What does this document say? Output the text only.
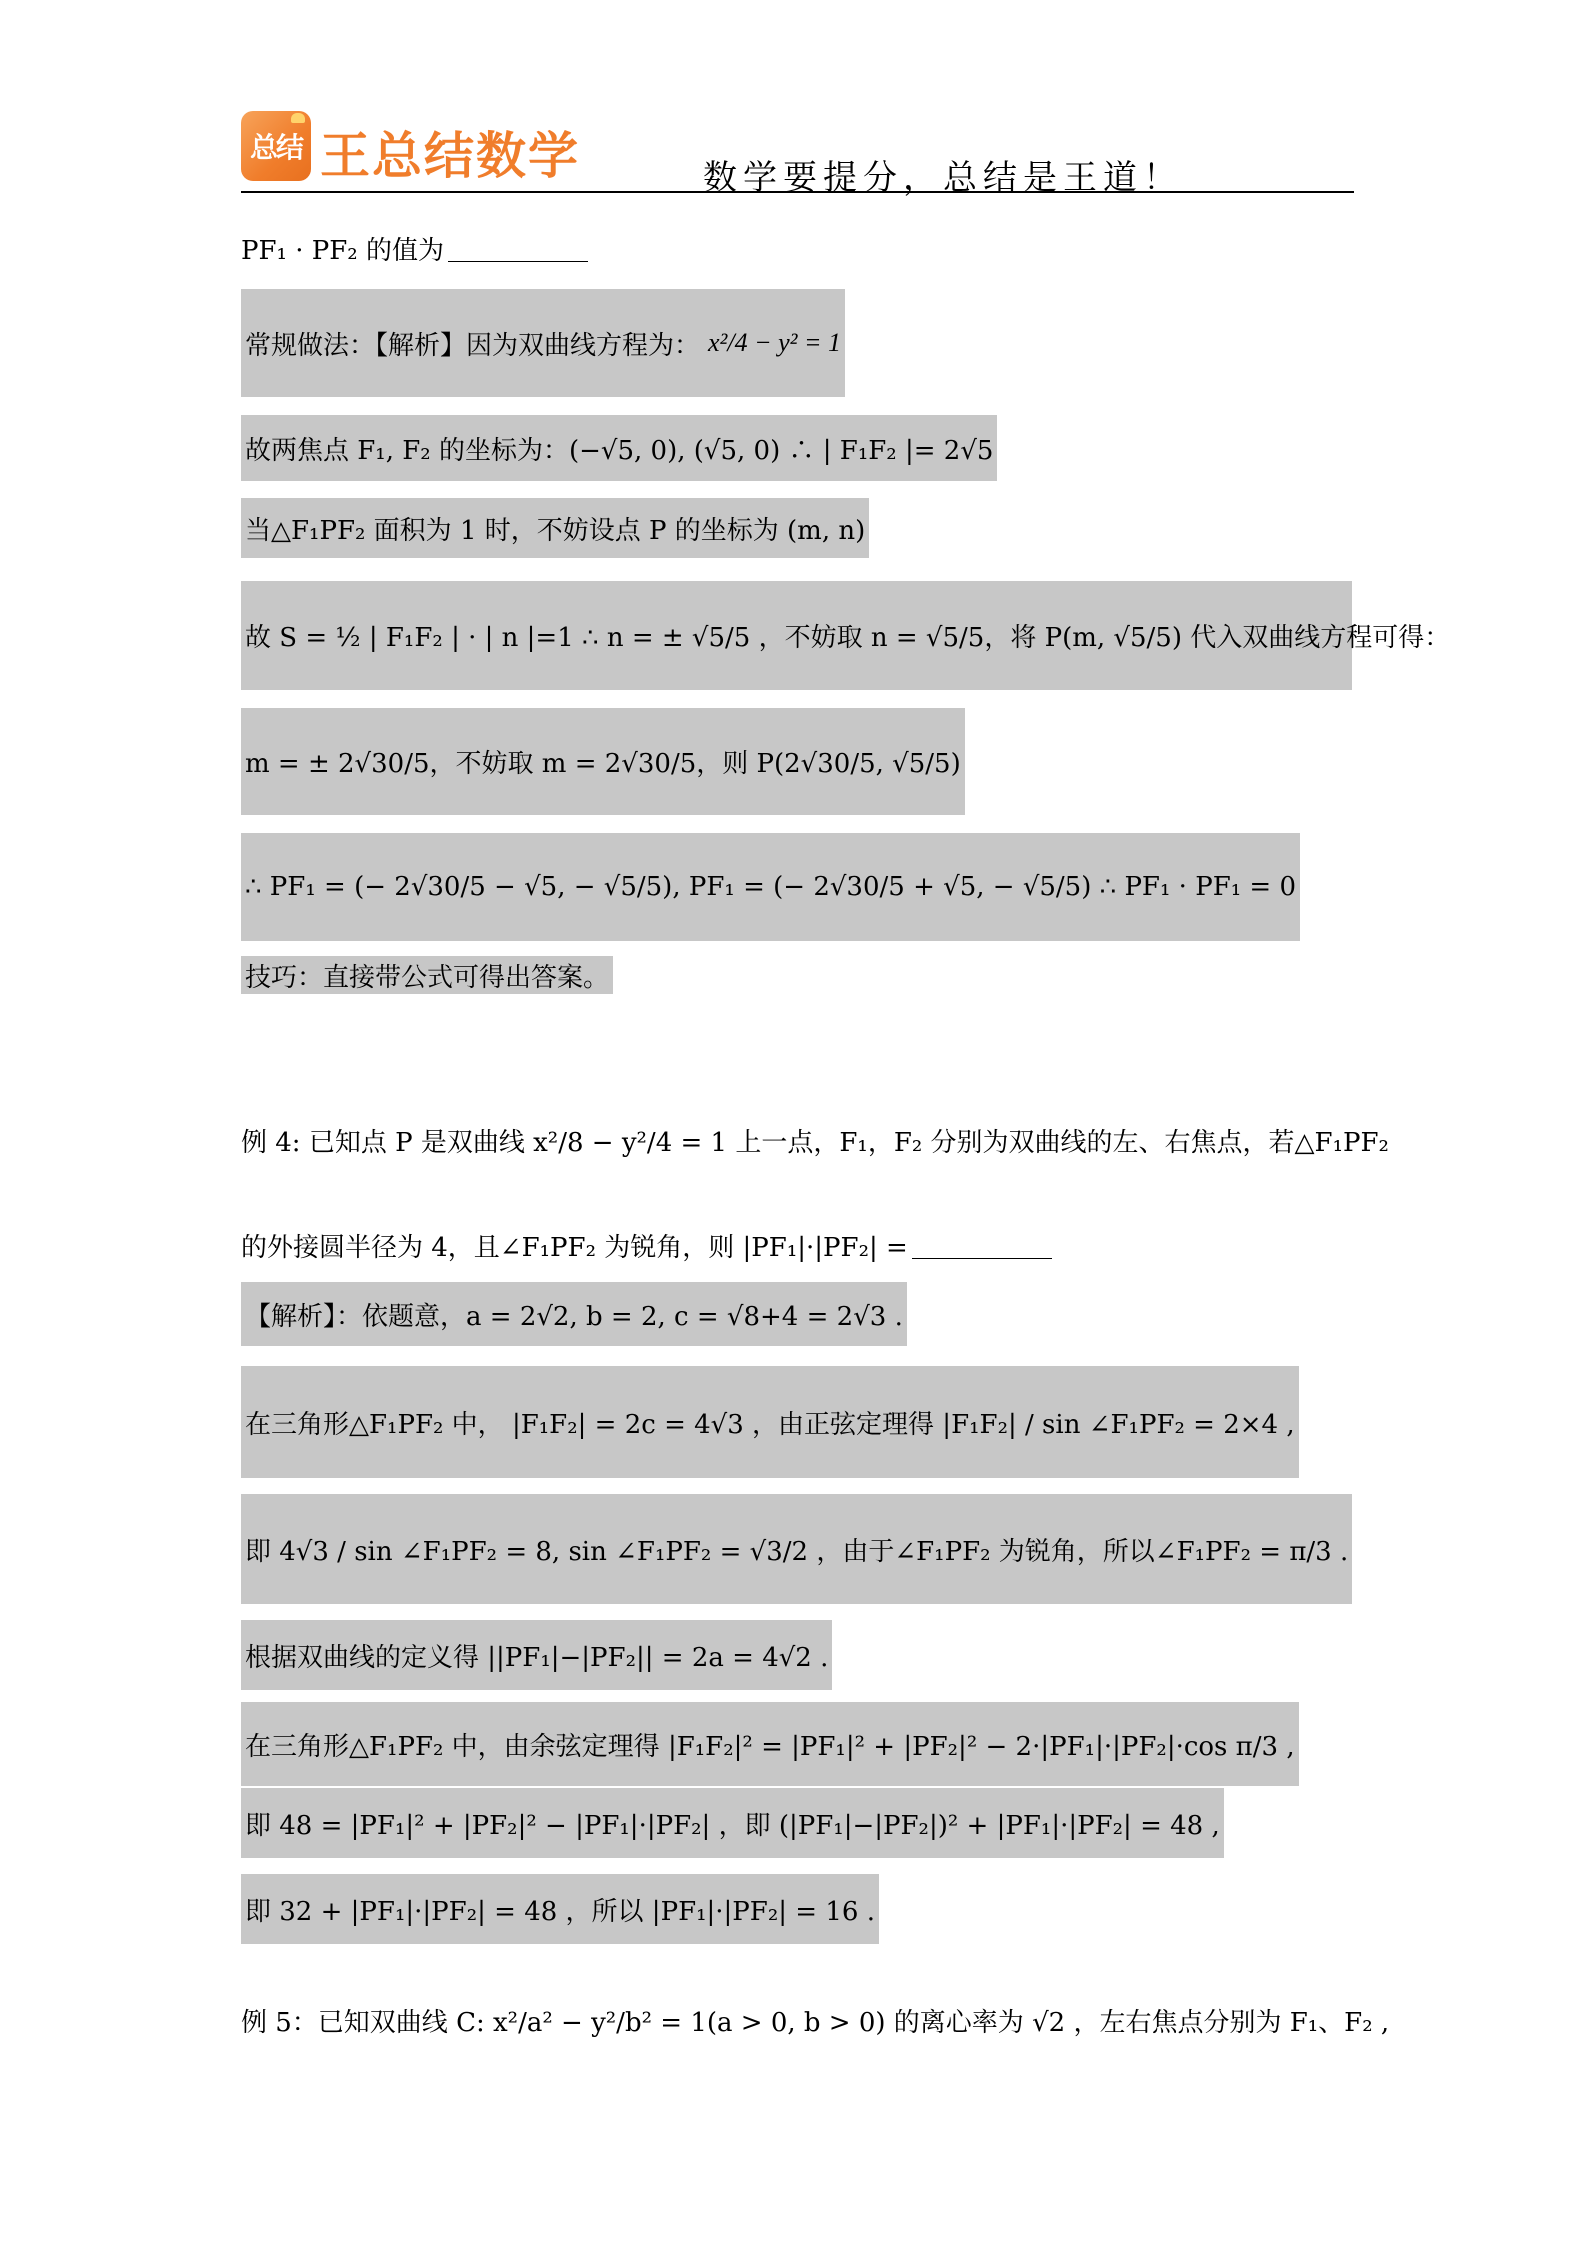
总结 王总结数学	数学要提分，总结是王道！
PF₁ · PF₂ 的值为
常规做法：【解析】因为双曲线方程为： x²/4 − y² = 1
故两焦点 F₁, F₂ 的坐标为：(−√5, 0), (√5, 0) ∴ | F₁F₂ |= 2√5
当△F₁PF₂ 面积为 1 时，不妨设点 P 的坐标为 (m, n)
故 S = ½ | F₁F₂ | · | n |=1 ∴ n = ± √5/5 ，不妨取 n = √5/5，将 P(m, √5/5) 代入双曲线方程可得：
m = ± 2√30/5，不妨取 m = 2√30/5，则 P(2√30/5, √5/5)
∴ PF₁ = (− 2√30/5 − √5, − √5/5), PF₁ = (− 2√30/5 + √5, − √5/5) ∴ PF₁ · PF₁ = 0
技巧：直接带公式可得出答案。
例 4: 已知点 P 是双曲线 x²/8 − y²/4 = 1 上一点，F₁，F₂ 分别为双曲线的左、右焦点，若△F₁PF₂
的外接圆半径为 4，且∠F₁PF₂ 为锐角，则 |PF₁|·|PF₂| =
【解析】：依题意，a = 2√2, b = 2, c = √8+4 = 2√3 .
在三角形△F₁PF₂ 中， |F₁F₂| = 2c = 4√3 ，由正弦定理得 |F₁F₂| / sin ∠F₁PF₂ = 2×4 ,
即 4√3 / sin ∠F₁PF₂ = 8, sin ∠F₁PF₂ = √3/2 ，由于∠F₁PF₂ 为锐角，所以∠F₁PF₂ = π/3 .
根据双曲线的定义得 ||PF₁|−|PF₂|| = 2a = 4√2 .
在三角形△F₁PF₂ 中，由余弦定理得 |F₁F₂|² = |PF₁|² + |PF₂|² − 2·|PF₁|·|PF₂|·cos π/3 ,
即 48 = |PF₁|² + |PF₂|² − |PF₁|·|PF₂| ，即 (|PF₁|−|PF₂|)² + |PF₁|·|PF₂| = 48 ,
即 32 + |PF₁|·|PF₂| = 48 ，所以 |PF₁|·|PF₂| = 16 .
例 5：已知双曲线 C: x²/a² − y²/b² = 1(a > 0, b > 0) 的离心率为 √2 ，左右焦点分别为 F₁、F₂ ,
